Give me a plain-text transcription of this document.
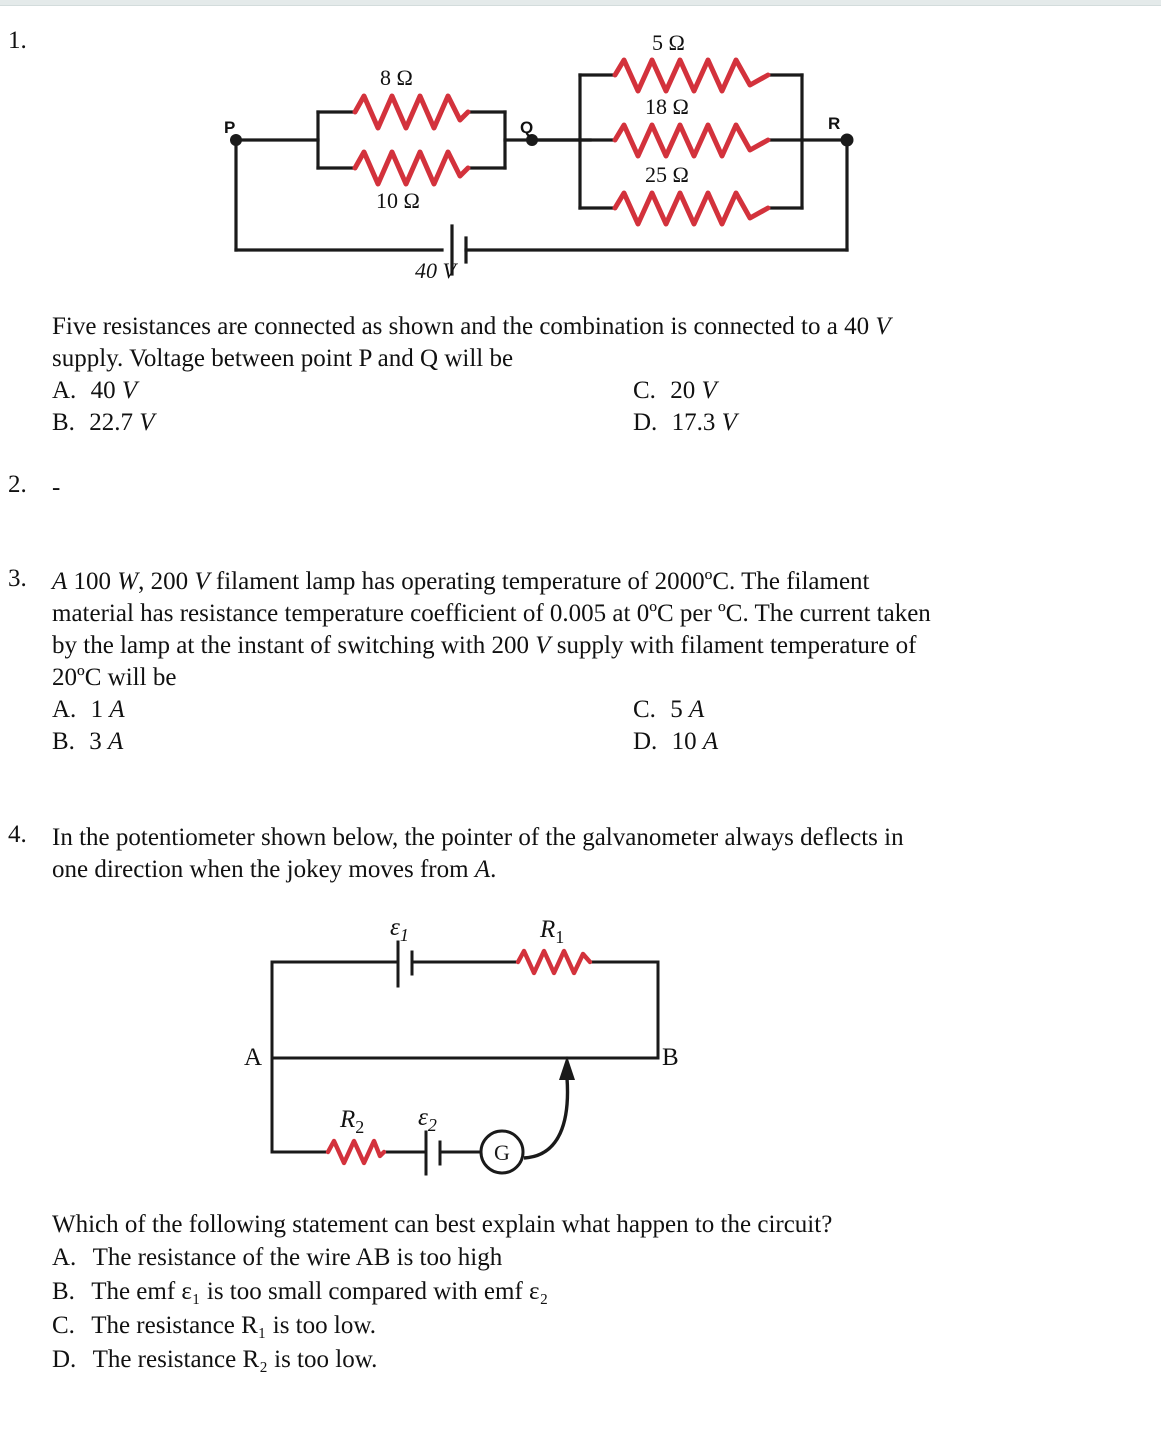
1.
P	Q	R
8 Ω
10 Ω
5 Ω
18 Ω
25 Ω
40 V
Five resistances are connected as shown and the combination is connected to a 40 V
supply. Voltage between point P and Q will be
A. 40 V
B. 22.7 V
C. 20 V
D. 17.3 V
2. -
3. A 100 W, 200 V filament lamp has operating temperature of 2000ºC. The filament
material has resistance temperature coefficient of 0.005 at 0ºC per ºC. The current taken
by the lamp at the instant of switching with 200 V supply with filament temperature of
20ºC will be
A. 1 A
B. 3 A
C. 5 A
D. 10 A
4. In the potentiometer shown below, the pointer of the galvanometer always deflects in
one direction when the jokey moves from A.
G
$\varepsilon_1$	$R_1$
$R_2$ $\varepsilon_2$
A	B
Which of the following statement can best explain what happen to the circuit?
A. The resistance of the wire AB is too high
B. The emf ε₁ is too small compared with emf ε₂
C. The resistance R₁ is too low.
D. The resistance R₂ is too low.
